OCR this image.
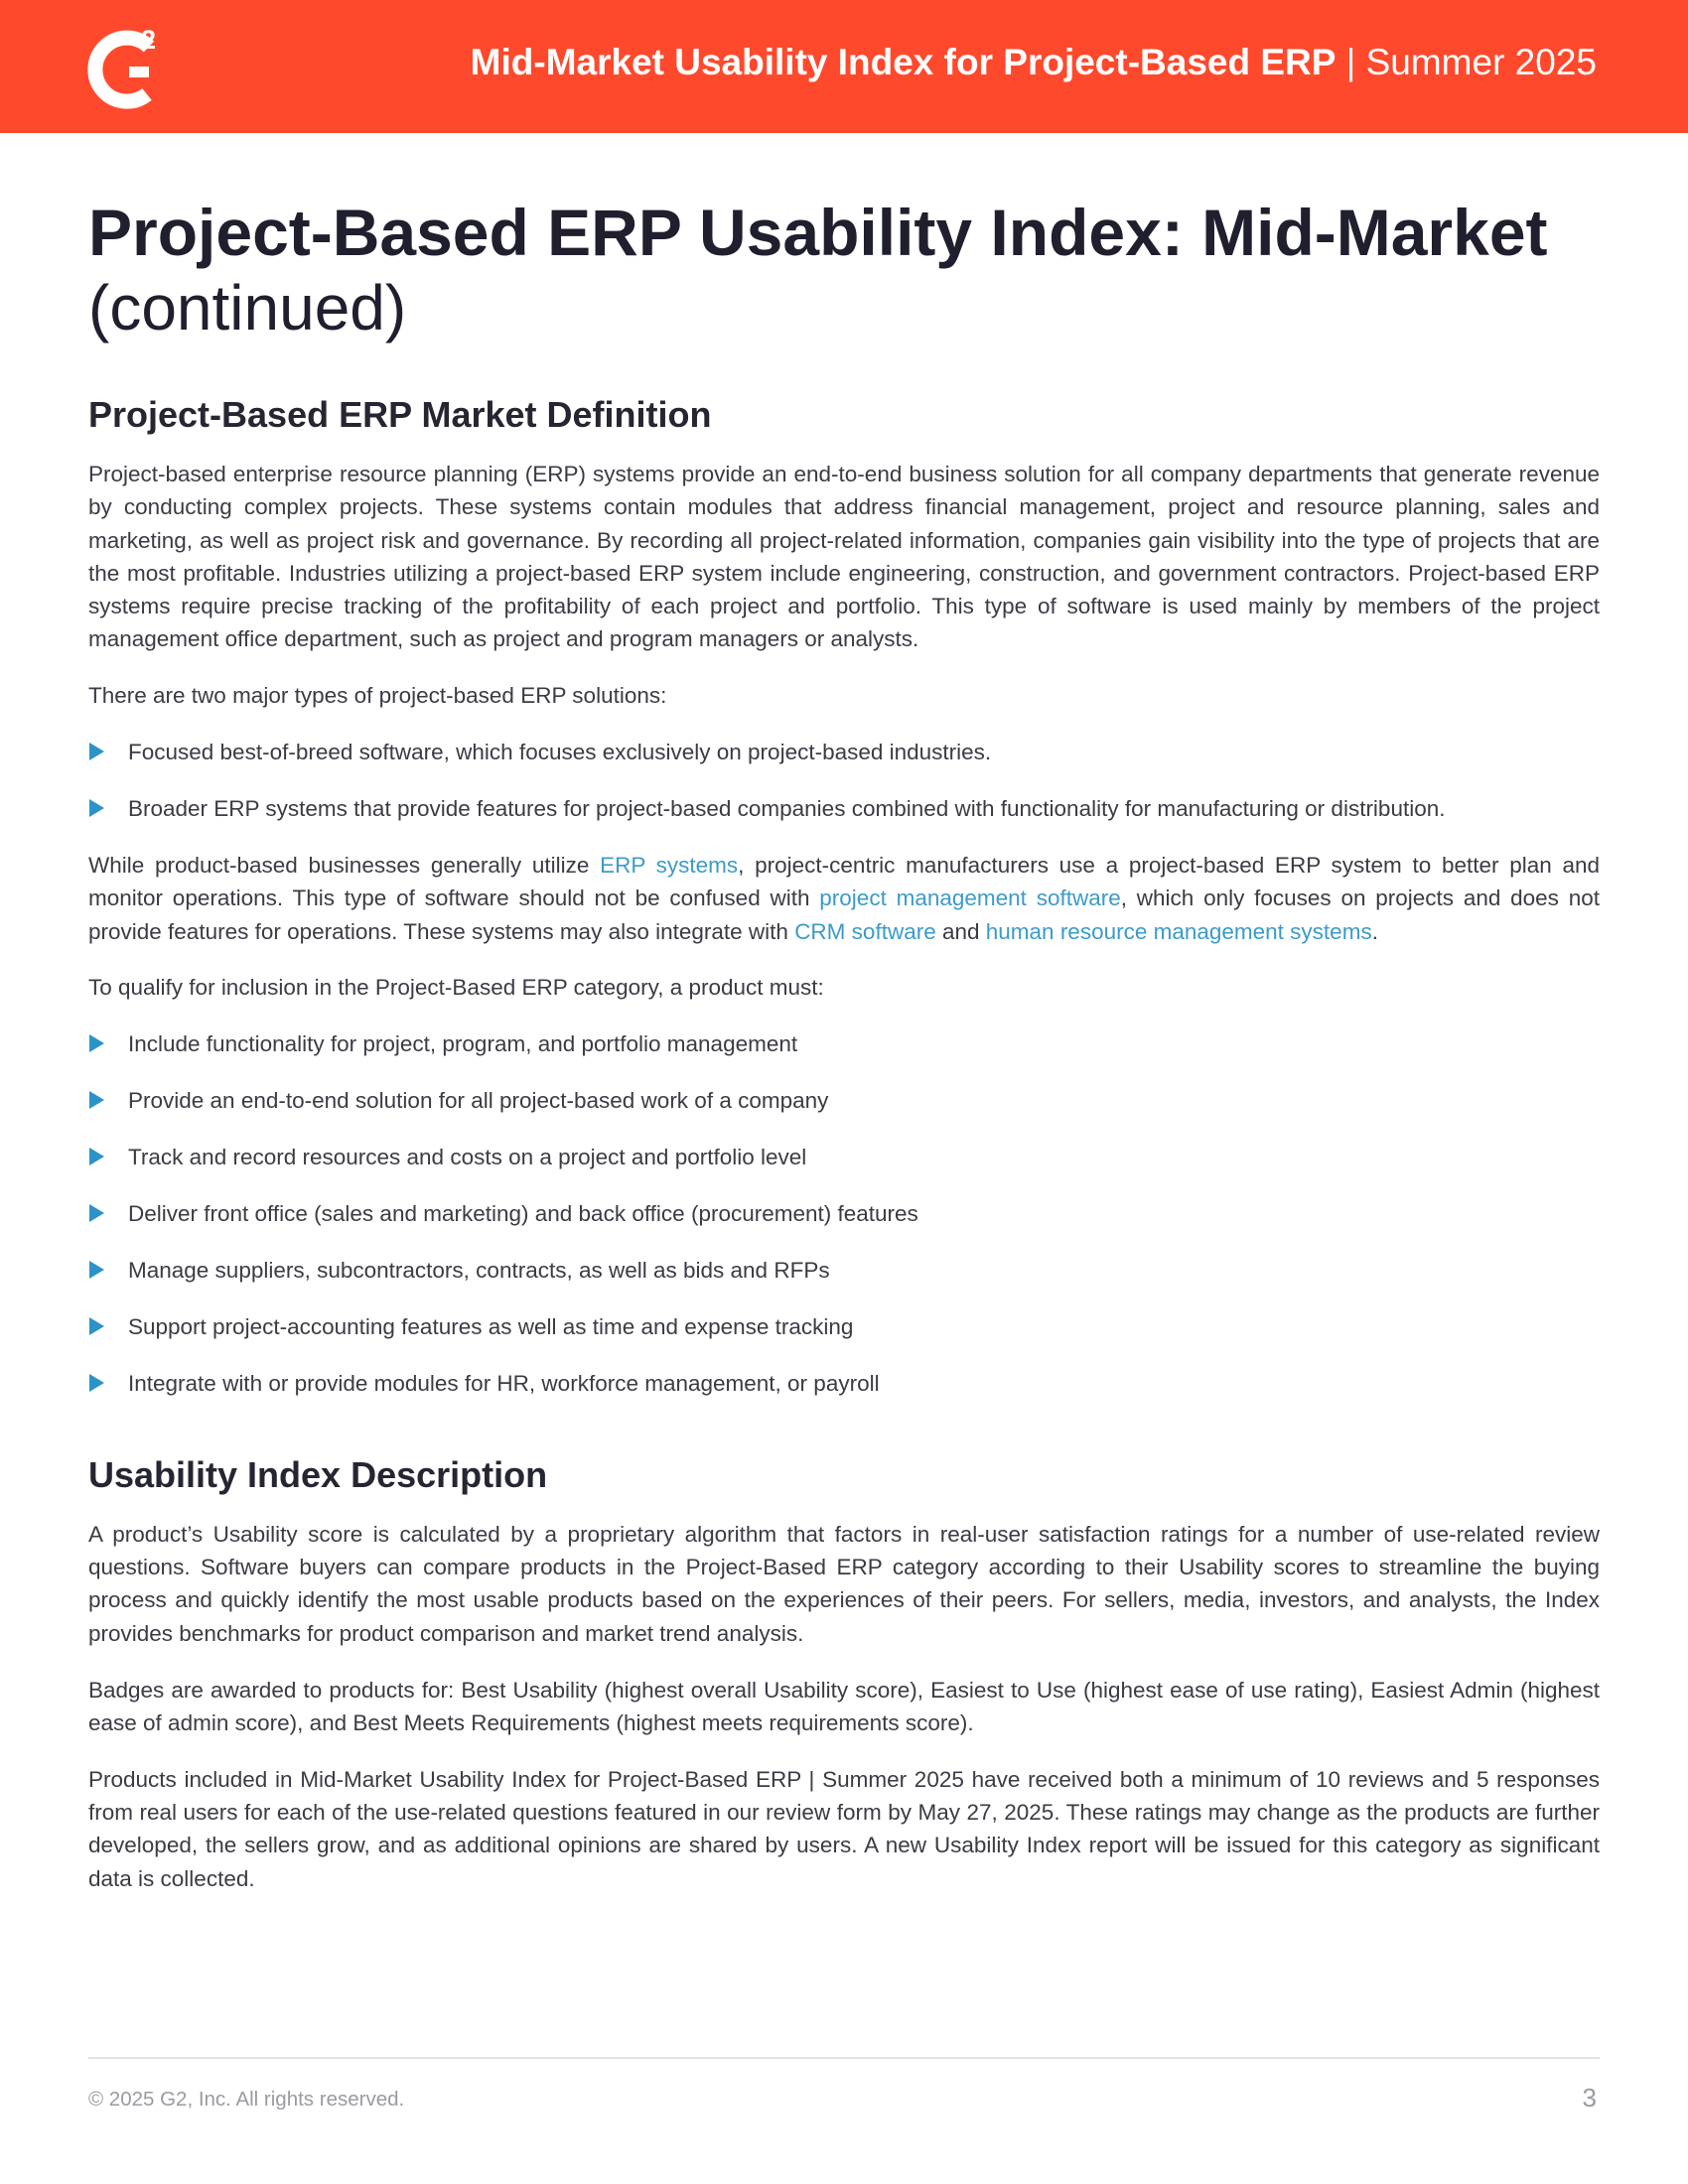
2
Mid-Market Usability Index for Project-Based ERP | Summer 2025
Project-Based ERP Usability Index: Mid-Market
(continued)
Project-Based ERP Market Definition

Project-based enterprise resource planning (ERP) systems provide an end-to-end business solution for all company departments that generate revenue by conducting complex projects. These systems contain modules that address financial management, project and resource planning, sales and marketing, as well as project risk and governance. By recording all project-related information, companies gain visibility into the type of projects that are the most profitable. Industries utilizing a project-based ERP system include engineering, construction, and government contractors. Project-based ERP systems require precise tracking of the profitability of each project and portfolio. This type of software is used mainly by members of the project management office department, such as project and program managers or analysts.

There are two major types of project-based ERP solutions:

Focused best-of-breed software, which focuses exclusively on project-based industries.
Broader ERP systems that provide features for project-based companies combined with functionality for manufacturing or distribution.

While product-based businesses generally utilize ERP systems, project-centric manufacturers use a project-based ERP system to better plan and monitor operations. This type of software should not be confused with project management software, which only focuses on projects and does not provide features for operations. These systems may also integrate with CRM software and human resource management systems.

To qualify for inclusion in the Project-Based ERP category, a product must:

Include functionality for project, program, and portfolio management
Provide an end-to-end solution for all project-based work of a company
Track and record resources and costs on a project and portfolio level
Deliver front office (sales and marketing) and back office (procurement) features
Manage suppliers, subcontractors, contracts, as well as bids and RFPs
Support project-accounting features as well as time and expense tracking
Integrate with or provide modules for HR, workforce management, or payroll
Usability Index Description

A product’s Usability score is calculated by a proprietary algorithm that factors in real-user satisfaction ratings for a number of use-related review questions. Software buyers can compare products in the Project-Based ERP category according to their Usability scores to streamline the buying process and quickly identify the most usable products based on the experiences of their peers. For sellers, media, investors, and analysts, the Index provides benchmarks for product comparison and market trend analysis.

Badges are awarded to products for: Best Usability (highest overall Usability score), Easiest to Use (highest ease of use rating), Easiest Admin (highest ease of admin score), and Best Meets Requirements (highest meets requirements score).

Products included in Mid-Market Usability Index for Project-Based ERP | Summer 2025 have received both a minimum of 10 reviews and 5 responses from real users for each of the use-related questions featured in our review form by May 27, 2025. These ratings may change as the products are further developed, the sellers grow, and as additional opinions are shared by users. A new Usability Index report will be issued for this category as significant data is collected.

© 2025 G2, Inc. All rights reserved.	3
